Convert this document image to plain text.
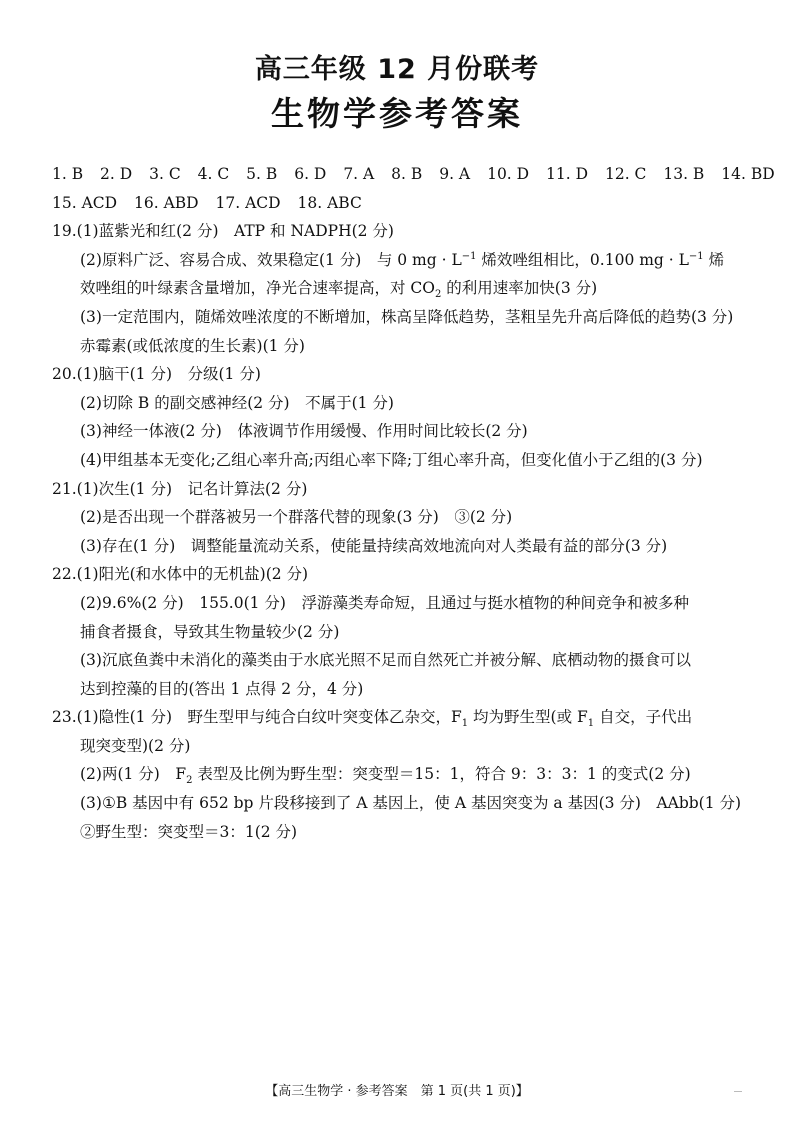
高三年级 12 月份联考
生物学参考答案
1. B 2. D 3. C 4. C 5. B 6. D 7. A 8. B 9. A 10. D 11. D 12. C 13. B 14. BD
15. ACD 16. ABD 17. ACD 18. ABC
19.(1)蓝紫光和红(2 分)　ATP 和 NADPH(2 分)
(2)原料广泛、容易合成、效果稳定(1 分)　与 0 mg · $L^{-1}$ 烯效唑组相比，0.100 mg · $L^{-1}$ 烯
效唑组的叶绿素含量增加，净光合速率提高，对 $CO_2$ 的利用速率加快(3 分)
(3)一定范围内，随烯效唑浓度的不断增加，株高呈降低趋势，茎粗呈先升高后降低的趋势(3 分)
赤霉素(或低浓度的生长素)(1 分)
20.(1)脑干(1 分)　分级(1 分)
(2)切除 B 的副交感神经(2 分)　不属于(1 分)
(3)神经一体液(2 分)　体液调节作用缓慢、作用时间比较长(2 分)
(4)甲组基本无变化;乙组心率升高;丙组心率下降;丁组心率升高，但变化值小于乙组的(3 分)
21.(1)次生(1 分)　记名计算法(2 分)
(2)是否出现一个群落被另一个群落代替的现象(3 分)　③(2 分)
(3)存在(1 分)　调整能量流动关系，使能量持续高效地流向对人类最有益的部分(3 分)
22.(1)阳光(和水体中的无机盐)(2 分)
(2)9.6%(2 分)　155.0(1 分)　浮游藻类寿命短，且通过与挺水植物的种间竞争和被多种
捕食者摄食，导致其生物量较少(2 分)
(3)沉底鱼粪中未消化的藻类由于水底光照不足而自然死亡并被分解、底栖动物的摄食可以
达到控藻的目的(答出 1 点得 2 分，4 分)
23.(1)隐性(1 分)　野生型甲与纯合白纹叶突变体乙杂交，$F_1$ 均为野生型(或 $F_1$ 自交，子代出
现突变型)(2 分)
(2)两(1 分)　$F_2$ 表型及比例为野生型：突变型＝15：1，符合 9：3：3：1 的变式(2 分)
(3)①B 基因中有 652 bp 片段移接到了 A 基因上，使 A 基因突变为 a 基因(3 分)　AAbb(1 分)
②野生型：突变型＝3：1(2 分)
【高三生物学 · 参考答案　第 1 页(共 1 页)】
